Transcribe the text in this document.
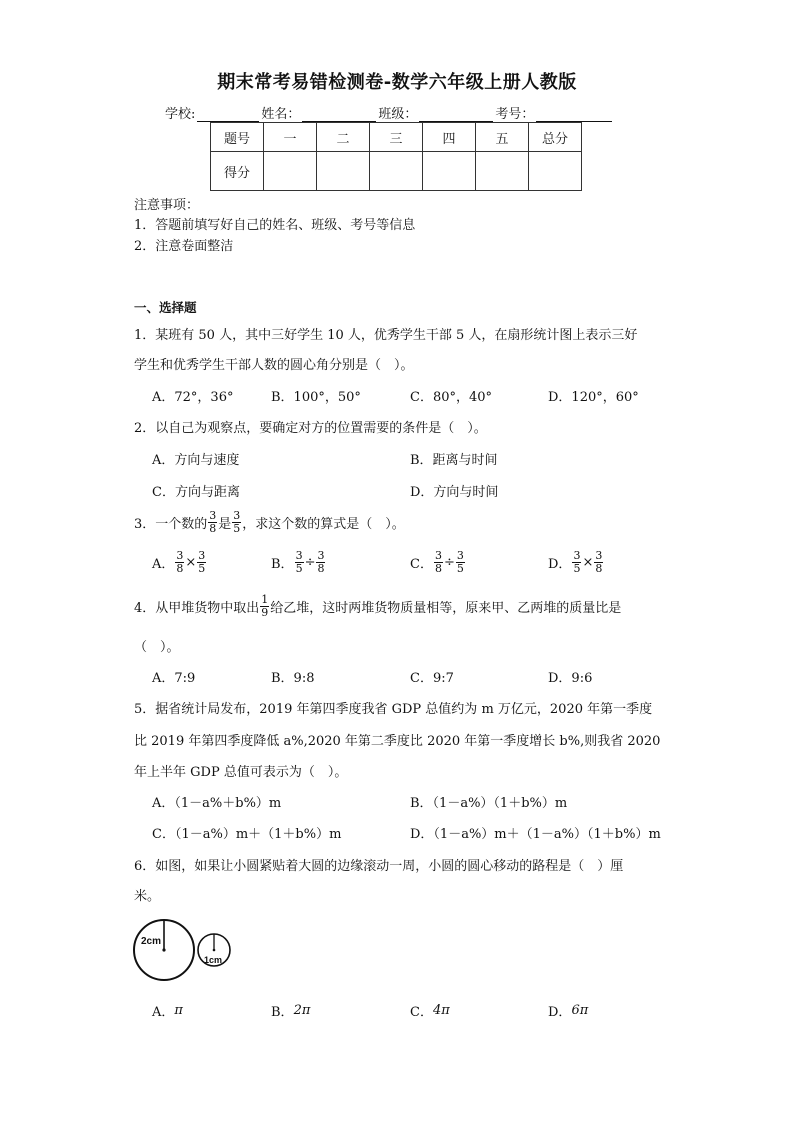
期末常考易错检测卷-数学六年级上册人教版
学校:	姓名：	班级：	考号：
题号	一	二	三	四	五	总分
得分						
注意事项：
1．答题前填写好自己的姓名、班级、考号等信息
2．注意卷面整洁
一、选择题
1．某班有 50 人，其中三好学生 10 人，优秀学生干部 5 人，在扇形统计图上表示三好
学生和优秀学生干部人数的圆心角分别是（　）。
A．72°，36°	B．100°，50°	C．80°，40°	D．120°，60°
2．以自己为观察点，要确定对方的位置需要的条件是（　）。
A．方向与速度	B．距离与时间
C．方向与距离	D．方向与时间
3．一个数的 $\frac{3}{8}$ 是 $\frac{3}{5}$ ，求这个数的算式是（　）。
A． $\frac{3}{8} \times \frac{3}{5}$	B． $\frac{3}{5} \div \frac{3}{8}$	C． $\frac{3}{8} \div \frac{3}{5}$	D． $\frac{3}{5} \times \frac{3}{8}$
4．从甲堆货物中取出 $\frac{1}{9}$ 给乙堆，这时两堆货物质量相等，原来甲、乙两堆的质量比是
（　）。
A．7:9	B．9:8	C．9:7	D．9:6
5．据省统计局发布，2019 年第四季度我省 GDP 总值约为 m 万亿元，2020 年第一季度
比 2019 年第四季度降低 a%,2020 年第二季度比 2020 年第一季度增长 b%,则我省 2020
年上半年 GDP 总值可表示为（　）。
A．（1－a%＋b%）m	B．（1－a%）（1＋b%）m
C．（1－a%）m＋（1＋b%）m	D．（1－a%）m＋（1－a%）（1＋b%）m
6．如图，如果让小圆紧贴着大圆的边缘滚动一周，小圆的圆心移动的路程是（　）厘
米。
2cm
1cm
A． π	B． 2π	C． 4π	D． 6π
